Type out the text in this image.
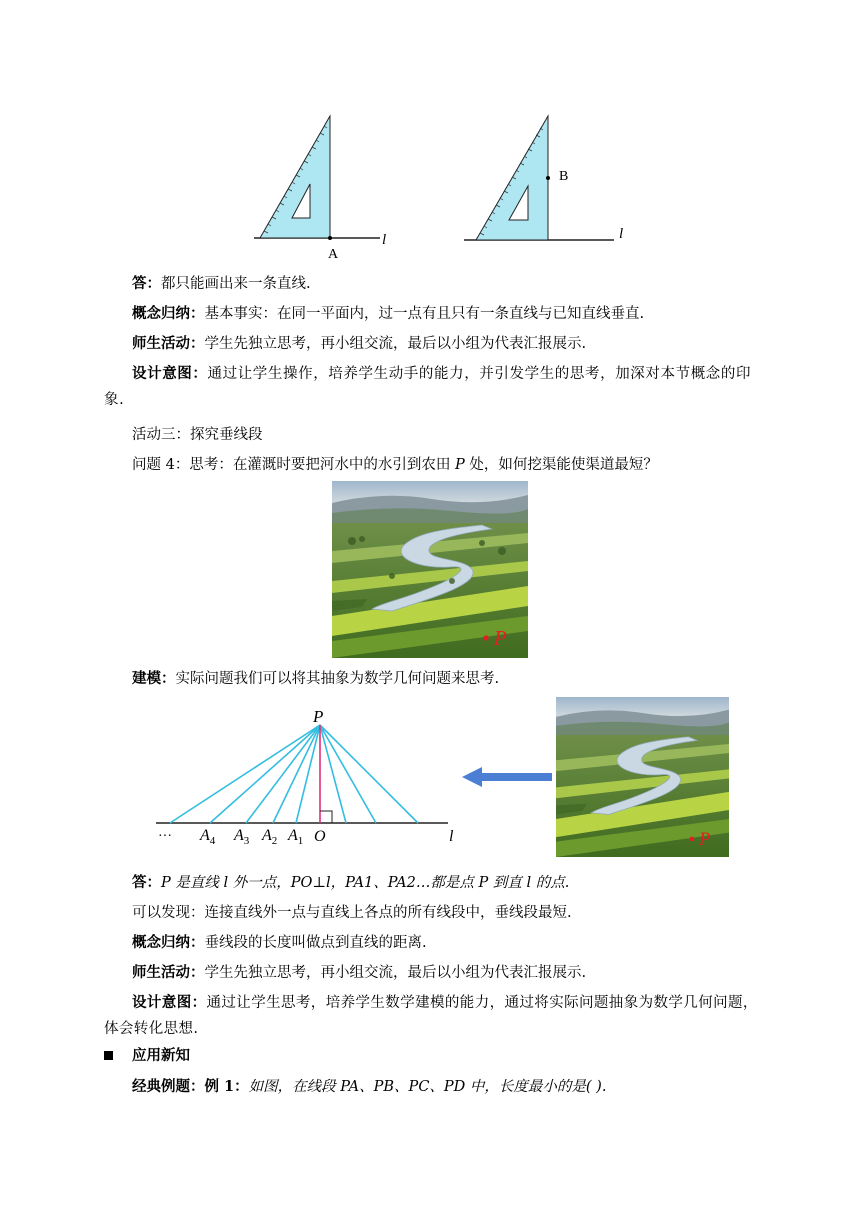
A
l
B
l
答：都只能画出来一条直线.
概念归纳：基本事实：在同一平面内，过一点有且只有一条直线与已知直线垂直.
师生活动：学生先独立思考，再小组交流，最后以小组为代表汇报展示.
设计意图：通过让学生操作，培养学生动手的能力，并引发学生的思考，加深对本节概念的印象.
活动三：探究垂线段
问题 4：思考：在灌溉时要把河水中的水引到农田 P 处，如何挖渠能使渠道最短？
P
建模：实际问题我们可以将其抽象为数学几何问题来思考.
P
··· $A_4$ $A_3$ $A_2$ $A_1$ O	l	P
答：P 是直线 l 外一点，PO⊥l，PA1、PA2…都是点 P 到直 l 的点.
可以发现：连接直线外一点与直线上各点的所有线段中，垂线段最短.
概念归纳：垂线段的长度叫做点到直线的距离.
师生活动：学生先独立思考，再小组交流，最后以小组为代表汇报展示.
设计意图：通过让学生思考，培养学生数学建模的能力，通过将实际问题抽象为数学几何问题，体会转化思想.
应用新知
经典例题：例 1：如图，在线段 PA、PB、PC、PD 中，长度最小的是( ).
